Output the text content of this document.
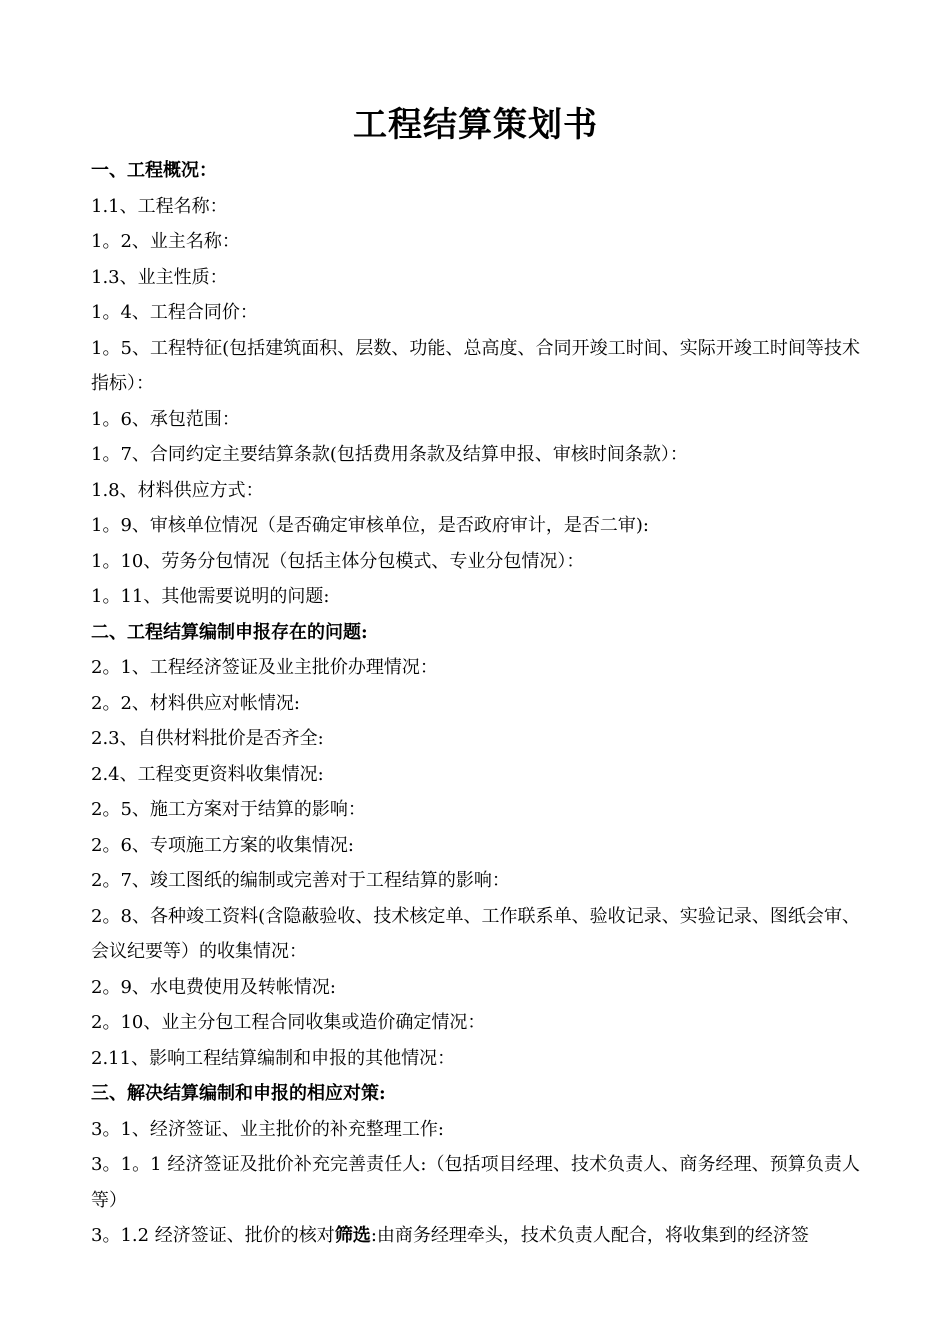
工程结算策划书
一、工程概况：
1.1、工程名称：
1。2、业主名称：
1.3、业主性质：
1。4、工程合同价：
1。5、工程特征(包括建筑面积、层数、功能、总高度、合同开竣工时间、实际开竣工时间等技术指标）：
1。6、承包范围：
1。7、合同约定主要结算条款(包括费用条款及结算申报、审核时间条款）：
1.8、材料供应方式：
1。9、审核单位情况（是否确定审核单位，是否政府审计，是否二审):
1。10、劳务分包情况（包括主体分包模式、专业分包情况）：
1。11、其他需要说明的问题:
二、工程结算编制申报存在的问题:
2。1、工程经济签证及业主批价办理情况：
2。2、材料供应对帐情况:
2.3、自供材料批价是否齐全:
2.4、工程变更资料收集情况:
2。5、施工方案对于结算的影响：
2。6、专项施工方案的收集情况:
2。7、竣工图纸的编制或完善对于工程结算的影响：
2。8、各种竣工资料(含隐蔽验收、技术核定单、工作联系单、验收记录、实验记录、图纸会审、会议纪要等）的收集情况：
2。9、水电费使用及转帐情况:
2。10、业主分包工程合同收集或造价确定情况：
2.11、影响工程结算编制和申报的其他情况：
三、解决结算编制和申报的相应对策:
3。1、经济签证、业主批价的补充整理工作:
3。1。1 经济签证及批价补充完善责任人:（包括项目经理、技术负责人、商务经理、预算负责人等）
3。1.2 经济签证、批价的核对筛选:由商务经理牵头，技术负责人配合，将收集到的经济签
